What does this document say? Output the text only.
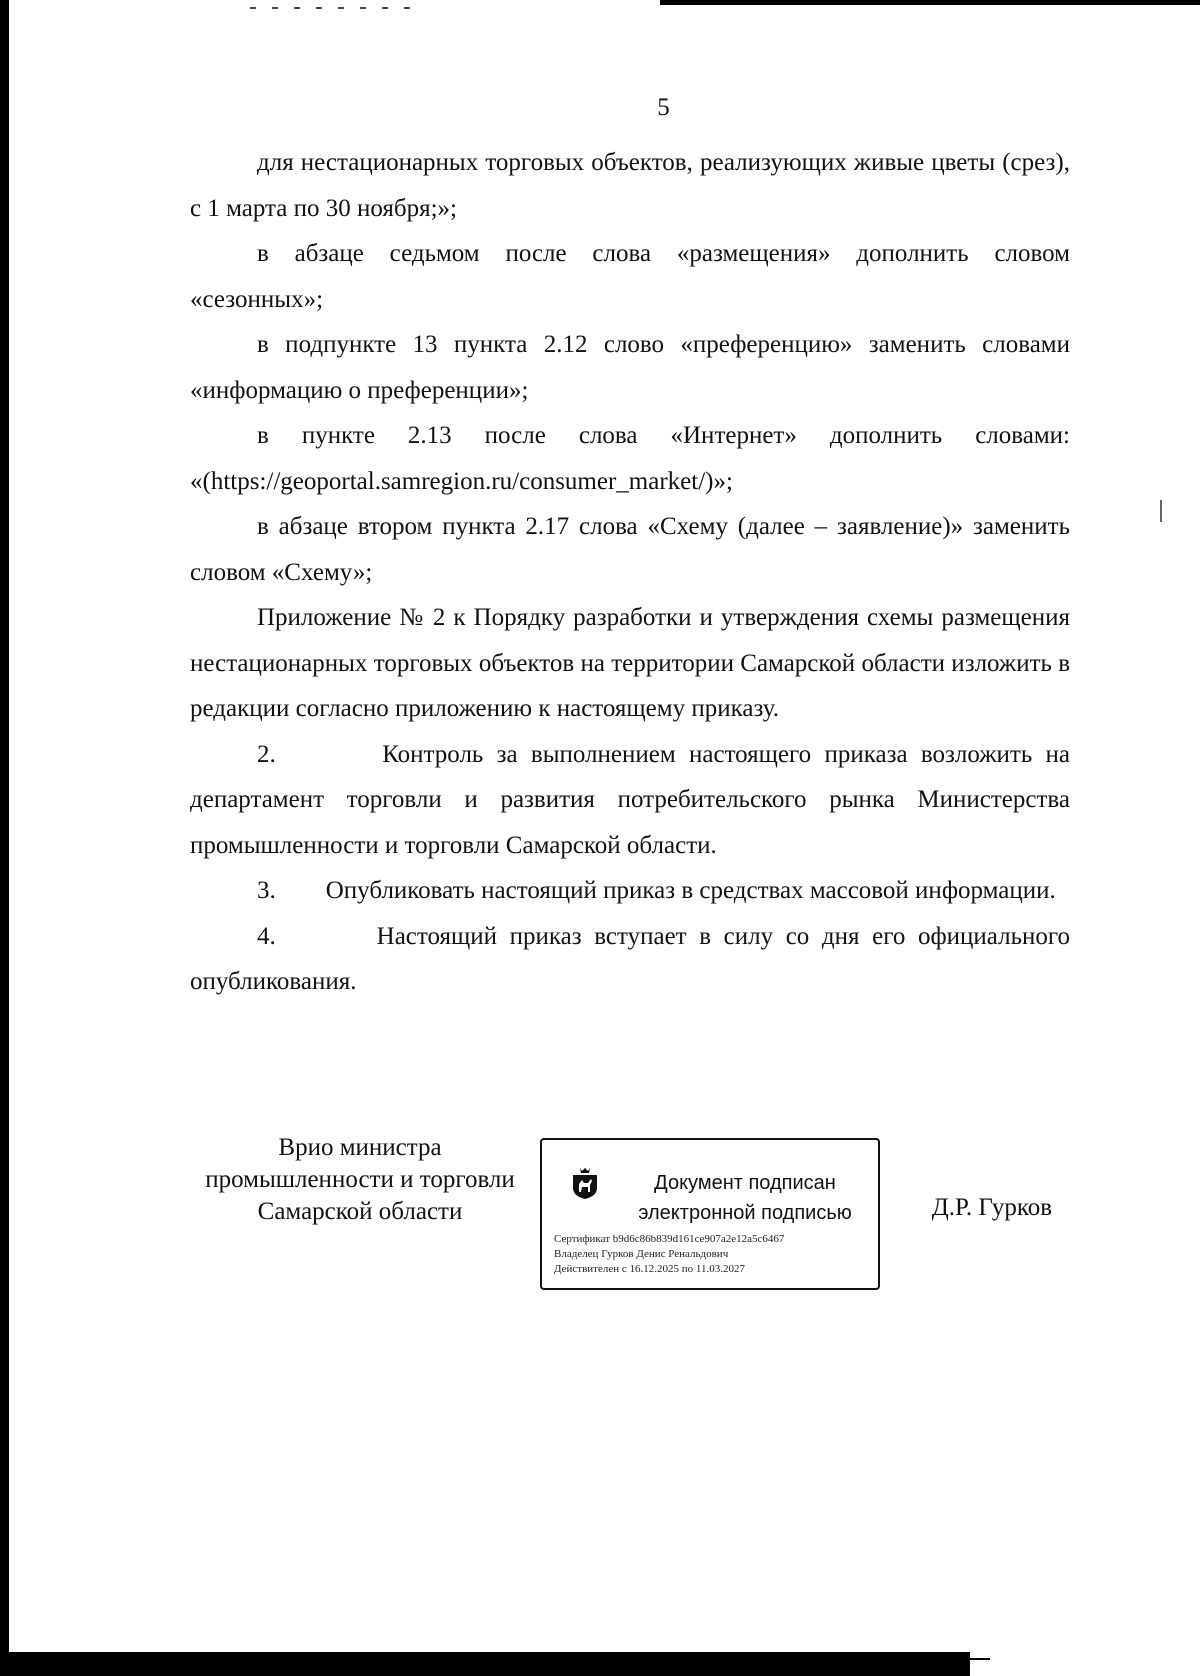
5

для нестационарных торговых объектов, реализующих живые цветы (срез), с 1 марта по 30 ноября;»;

в абзаце седьмом после слова «размещения» дополнить словом «сезонных»;

в подпункте 13 пункта 2.12 слово «преференцию» заменить словами «информацию о преференции»;

в пункте 2.13 после слова «Интернет» дополнить словами: «(https://geoportal.samregion.ru/consumer_market/)»;

в абзаце втором пункта 2.17 слова «Схему (далее – заявление)» заменить словом «Схему»;

Приложение № 2 к Порядку разработки и утверждения схемы размещения нестационарных торговых объектов на территории Самарской области изложить в редакции согласно приложению к настоящему приказу.

2.	Контроль за выполнением настоящего приказа возложить на департамент торговли и развития потребительского рынка Министерства промышленности и торговли Самарской области.

3. Опубликовать настоящий приказ в средствах массовой информации.

4.	Настоящий приказ вступает в силу со дня его официального опубликования.

Врио министра
промышленности и торговли
Самарской области	Д.Р. Гурков
Документ подписан
электронной подписью
Сертификат b9d6c86b839d161ce907a2e12a5c6467
Владелец Гурков Денис Ренальдович
Действителен с 16.12.2025 по 11.03.2027
